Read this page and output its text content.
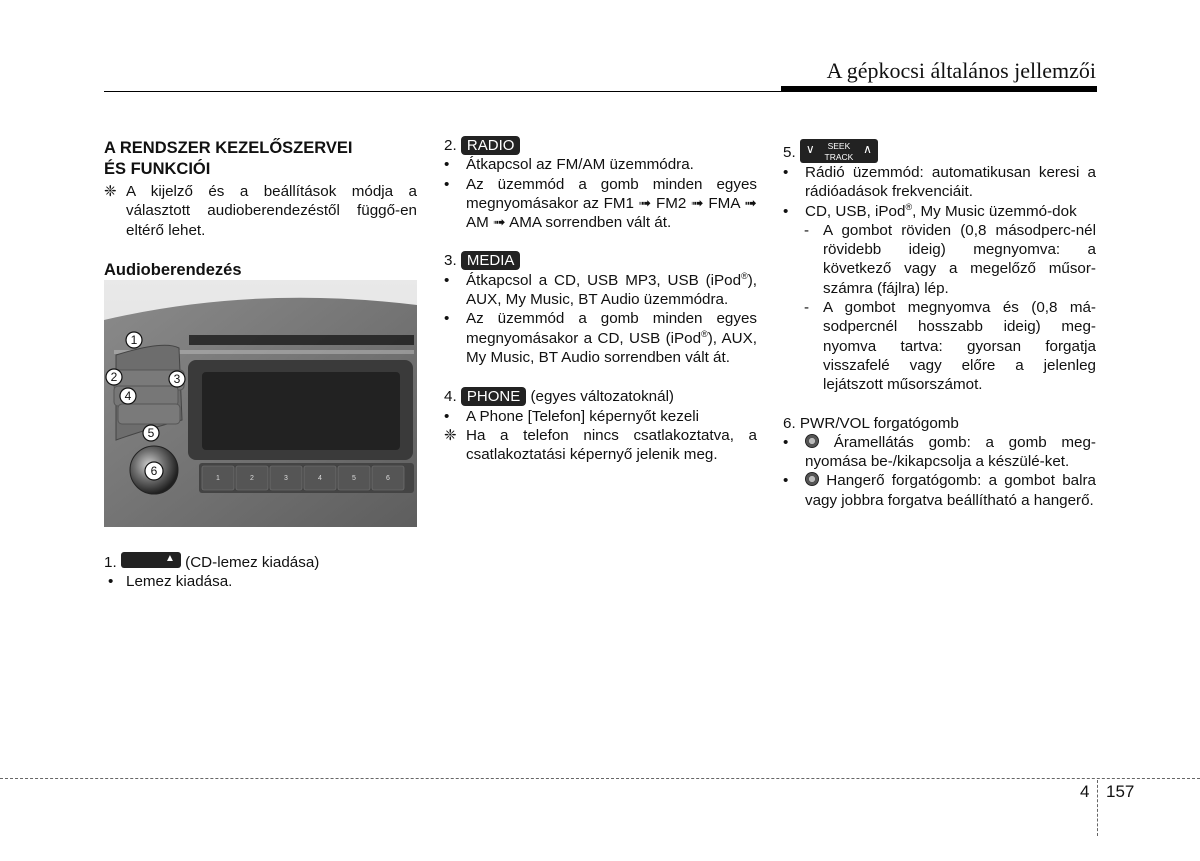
A gépkocsi általános jellemzői
A RENDSZER KEZELŐSZERVEI
ÉS FUNKCIÓI
❈ A kijelző és a beállítások módja a választott audioberendezéstől függő-en eltérő lehet.
Audioberendezés
1	2	3	4	5	6
1
2	3
4
5
6

1.	▲ (CD-lemez kiadása)

• Lemez kiadása.

2. RADIO

•	Átkapcsol az FM/AM üzemmódra.
•	Az üzemmód a gomb minden egyes megnyomásakor az FM1 ➟ FM2 ➟ FMA ➟ AM ➟ AMA sorrendben vált át.

3. MEDIA

•	Átkapcsol a CD, USB MP3, USB (iPod®), AUX, My Music, BT Audio üzemmódra.
•	Az üzemmód a gomb minden egyes megnyomásakor a CD, USB (iPod®), AUX, My Music, BT Audio sorrendben vált át.

4. PHONE (egyes változatoknál)

•	A Phone [Telefon] képernyőt kezeli
❈ Ha a telefon nincs csatlakoztatva, a csatlakoztatási képernyő jelenik meg.

5. ∨	SEEK
TRACK
∧

•	Rádió üzemmód: automatikusan keresi a rádióadások frekvenciáit.
•	CD, USB, iPod®, My Music üzemmó-dok
- A gombot röviden (0,8 másodperc-nél rövidebb ideig) megnyomva: a következő vagy a megelőző műsor-számra (fájlra) lép.
- A gombot megnyomva és (0,8 má-sodpercnél hosszabb ideig) meg-nyomva tartva: gyorsan forgatja visszafelé vagy előre a jelenleg lejátszott műsorszámot.

6. PWR/VOL forgatógomb

•	Áramellátás gomb: a gomb meg-nyomása be-/kikapcsolja a készülé-ket.
•	Hangerő forgatógomb: a gombot balra vagy jobbra forgatva beállítható a hangerő.
4 157
